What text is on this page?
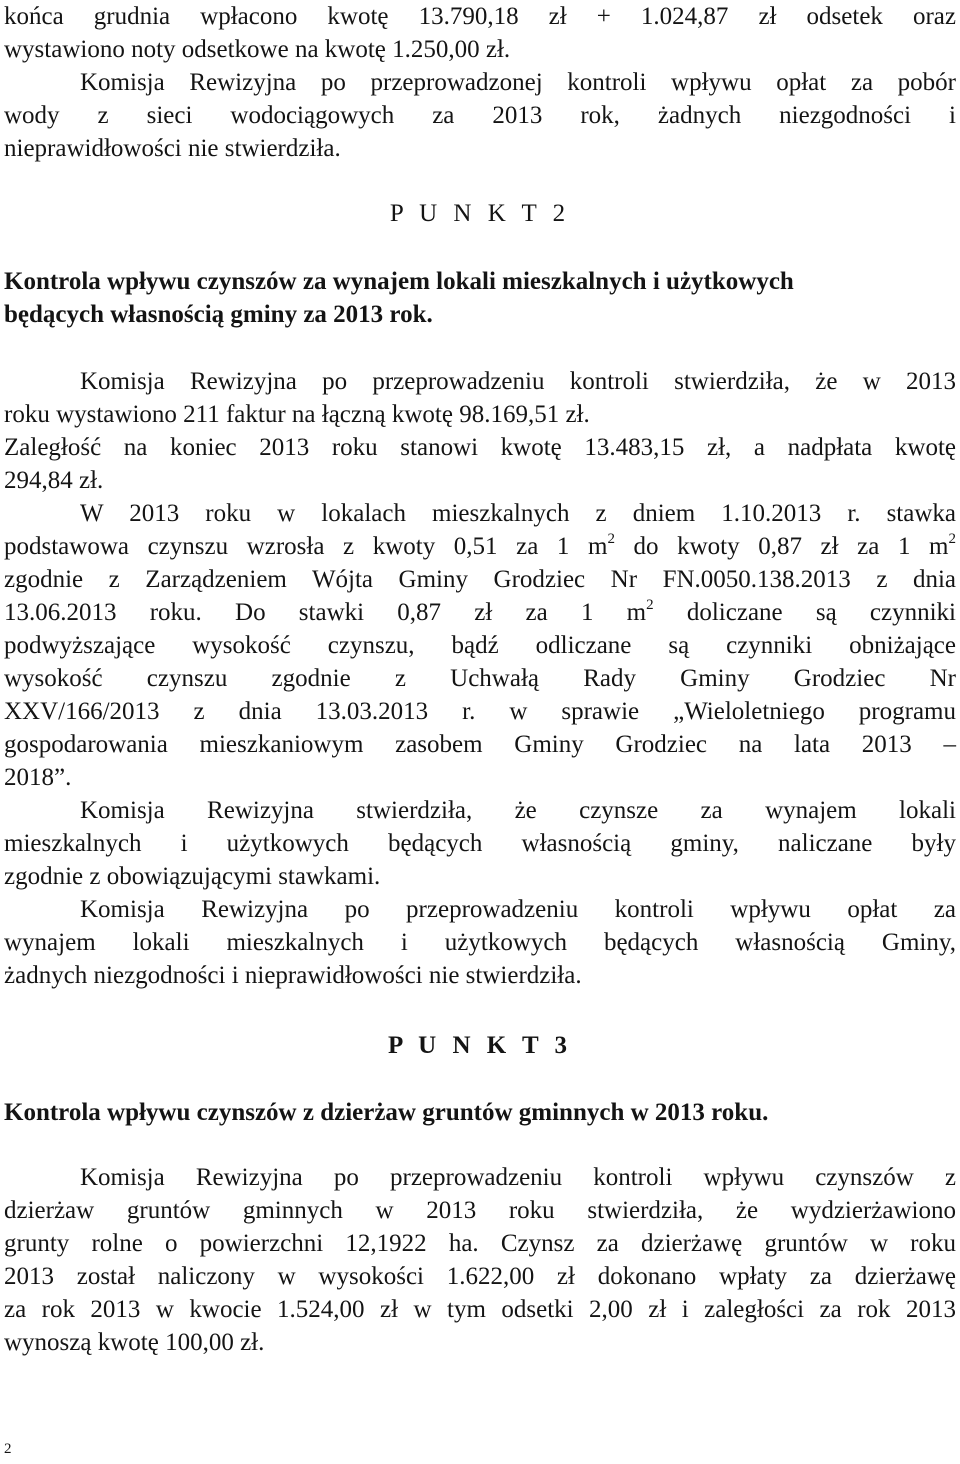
końca grudnia wpłacono kwotę 13.790,18 zł + 1.024,87 zł odsetek oraz
wystawiono noty odsetkowe na kwotę 1.250,00 zł.
Komisja Rewizyjna po przeprowadzonej kontroli wpływu opłat za pobór
wody z sieci wodociągowych za 2013 rok, żadnych niezgodności i
nieprawidłowości nie stwierdziła.
P U N K T 2
Kontrola wpływu czynszów za wynajem lokali mieszkalnych i użytkowych
będących własnością gminy za 2013 rok.
Komisja Rewizyjna po przeprowadzeniu kontroli stwierdziła, że w 2013
roku wystawiono 211 faktur na łączną kwotę 98.169,51 zł.
Zaległość na koniec 2013 roku stanowi kwotę 13.483,15 zł, a nadpłata kwotę
294,84 zł.
W 2013 roku w lokalach mieszkalnych z dniem 1.10.2013 r. stawka
podstawowa czynszu wzrosła z kwoty 0,51 za 1 $m^2$ do kwoty 0,87 zł za 1 $m^2$
zgodnie z Zarządzeniem Wójta Gminy Grodziec Nr FN.0050.138.2013 z dnia
13.06.2013 roku. Do stawki 0,87 zł za 1 $m^2$ doliczane są czynniki
podwyższające wysokość czynszu, bądź odliczane są czynniki obniżające
wysokość czynszu zgodnie z Uchwałą Rady Gminy Grodziec Nr
XXV/166/2013 z dnia 13.03.2013 r. w sprawie „Wieloletniego programu
gospodarowania mieszkaniowym zasobem Gminy Grodziec na lata 2013 –
2018”.
Komisja Rewizyjna stwierdziła, że czynsze za wynajem lokali
mieszkalnych i użytkowych będących własnością gminy, naliczane były
zgodnie z obowiązującymi stawkami.
Komisja Rewizyjna po przeprowadzeniu kontroli wpływu opłat za
wynajem lokali mieszkalnych i użytkowych będących własnością Gminy,
żadnych niezgodności i nieprawidłowości nie stwierdziła.
P U N K T 3
Kontrola wpływu czynszów z dzierżaw gruntów gminnych w 2013 roku.
Komisja Rewizyjna po przeprowadzeniu kontroli wpływu czynszów z
dzierżaw gruntów gminnych w 2013 roku stwierdziła, że wydzierżawiono
grunty rolne o powierzchni 12,1922 ha. Czynsz za dzierżawę gruntów w roku
2013 został naliczony w wysokości 1.622,00 zł dokonano wpłaty za dzierżawę
za rok 2013 w kwocie 1.524,00 zł w tym odsetki 2,00 zł i zaległości za rok 2013
wynoszą kwotę 100,00 zł.
2
